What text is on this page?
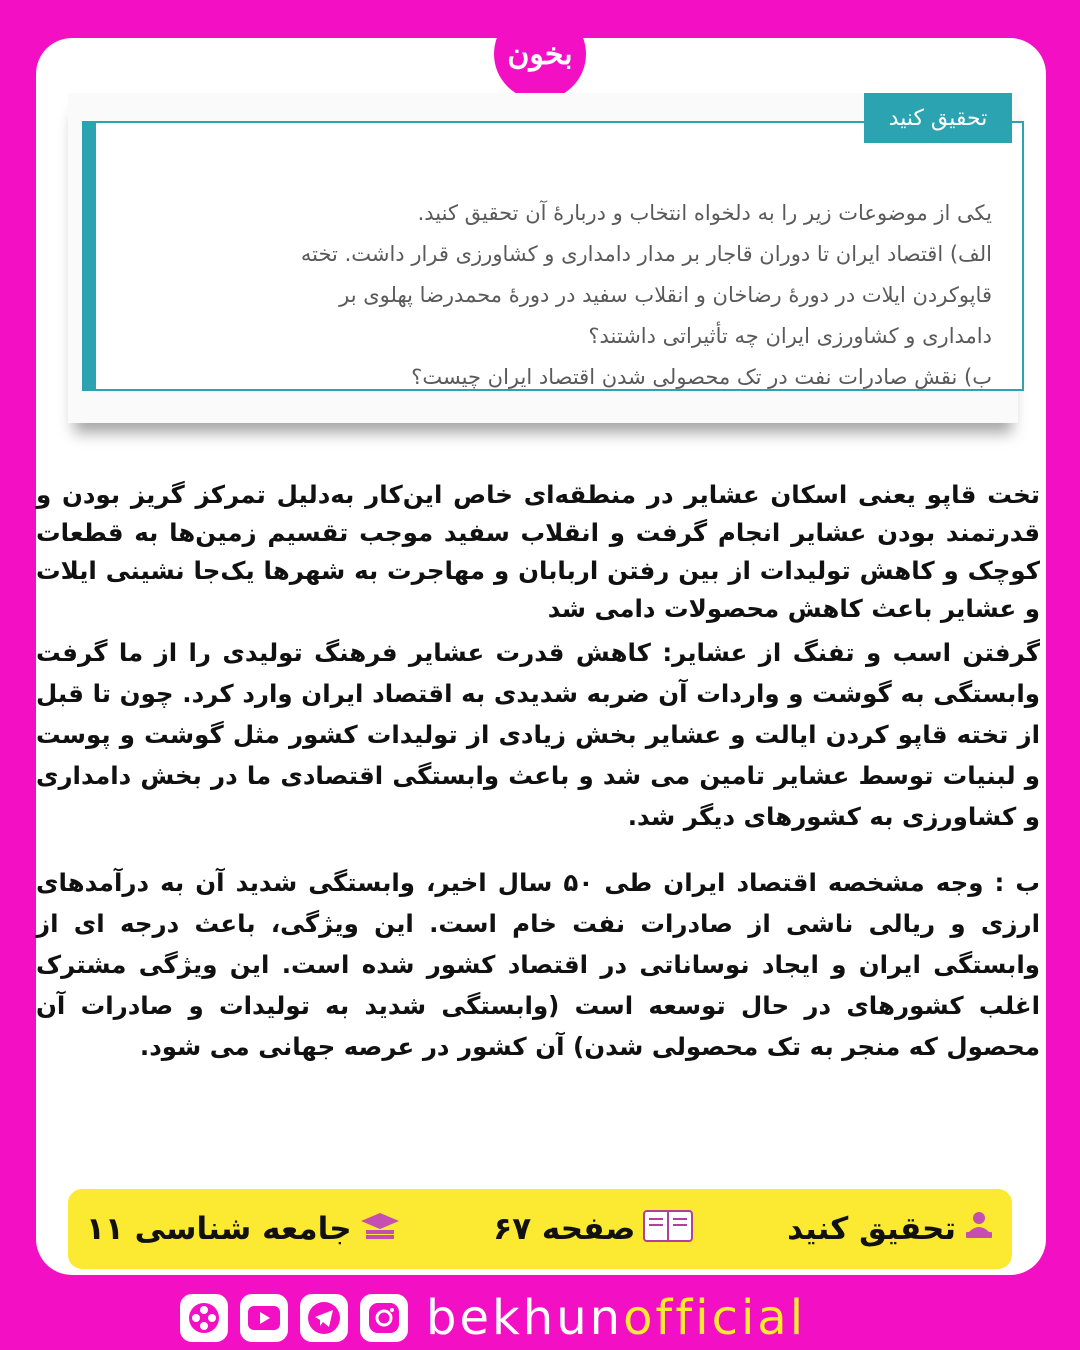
بخون
یکی از موضوعات زیر را به دلخواه انتخاب و دربارهٔ آن تحقیق کنید.
الف) اقتصاد ایران تا دوران قاجار بر مدار دامداری و کشاورزی قرار داشت. تخته
قاپوکردن ایلات در دورهٔ رضاخان و انقلاب سفید در دورهٔ محمدرضا پهلوی بر
دامداری و کشاورزی ایران چه تأثیراتی داشتند؟
ب) نقش صادرات نفت در تک محصولی شدن اقتصاد ایران چیست؟
تحقیق کنید
تخت قاپو یعنی اسکان عشایر در منطقه‌ای خاص این‌کار به‌دلیل تمرکز گریز بودن و قدرتمند بودن عشایر انجام گرفت و انقلاب سفید موجب تقسیم زمین‌ها به قطعات کوچک و کاهش تولیدات از بین رفتن اربابان و مهاجرت به شهرها یک‌جا نشینی ایلات و عشایر باعث کاهش محصولات دامی شد
گرفتن اسب و تفنگ از عشایر: کاهش قدرت عشایر فرهنگ تولیدی را از ما گرفت وابستگی به گوشت و واردات آن ضربه شدیدی به اقتصاد ایران وارد کرد. چون تا قبل از تخته قاپو کردن ایالت و عشایر بخش زیادی از تولیدات کشور مثل گوشت و پوست و لبنیات توسط عشایر تامین می شد و باعث وابستگی اقتصادی ما در بخش دامداری و کشاورزی به کشورهای دیگر شد.
ب : وجه مشخصه اقتصاد ایران طی ۵۰ سال اخیر، وابستگی شدید آن به درآمدهای ارزی و ریالی ناشی از صادرات نفت خام است. این ویژگی، باعث درجه ای از وابستگی ایران و ایجاد نوساناتی در اقتصاد کشور شده است. این ویژگی مشترک اغلب کشورهای در حال توسعه است (وابستگی شدید به تولیدات و صادرات آن محصول که منجر به تک محصولی شدن) آن کشور در عرصه جهانی می شود.
تحقیق کنید
صفحه ۶۷
جامعه شناسی ۱۱
bekhunofficial
